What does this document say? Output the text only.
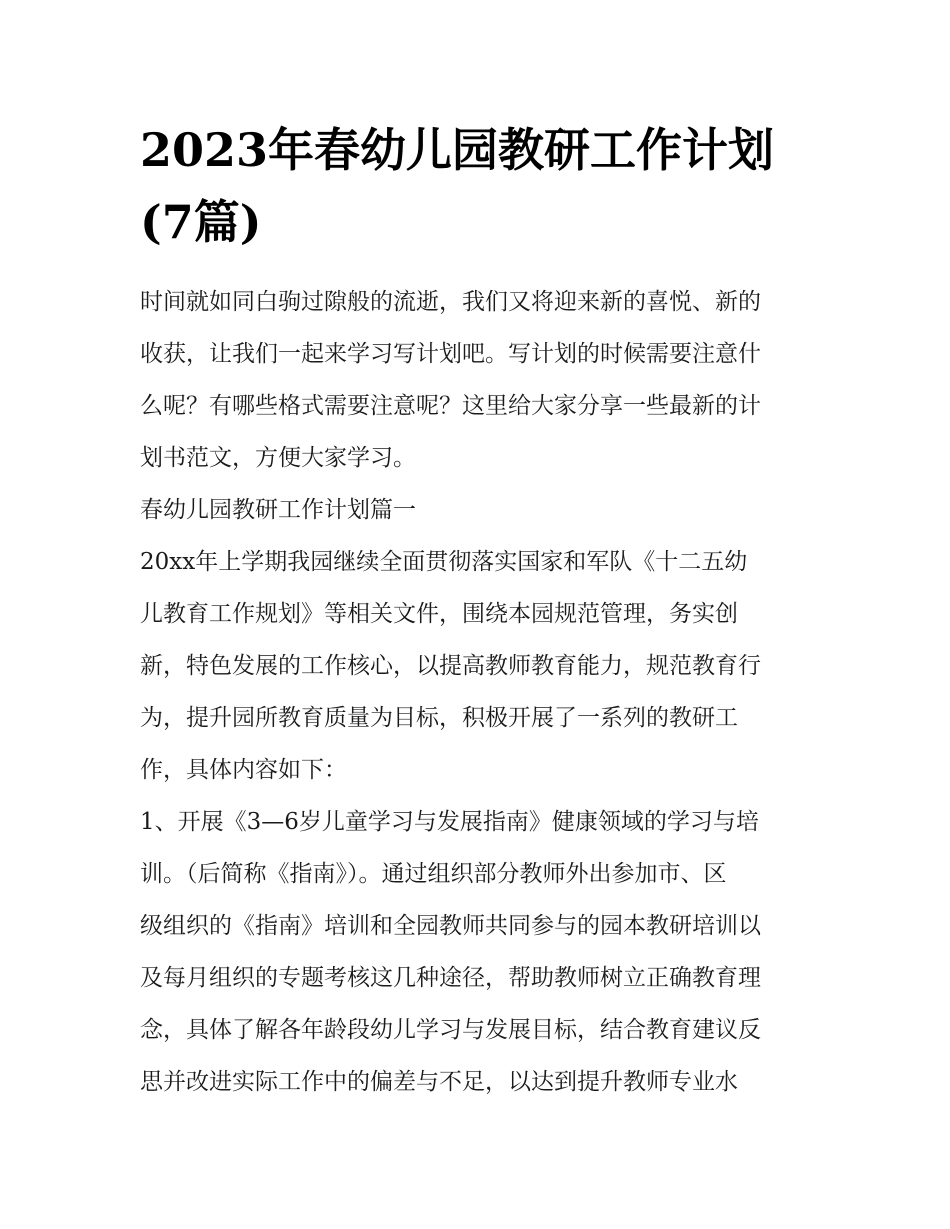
2023年春幼儿园教研工作计划
(7篇)
时间就如同白驹过隙般的流逝，我们又将迎来新的喜悦、新的
收获，让我们一起来学习写计划吧。写计划的时候需要注意什
么呢？有哪些格式需要注意呢？这里给大家分享一些最新的计
划书范文，方便大家学习。
春幼儿园教研工作计划篇一
20xx年上学期我园继续全面贯彻落实国家和军队《十二五幼
儿教育工作规划》等相关文件，围绕本园规范管理，务实创
新，特色发展的工作核心，以提高教师教育能力，规范教育行
为，提升园所教育质量为目标，积极开展了一系列的教研工
作，具体内容如下：
1、开展《3—6岁儿童学习与发展指南》健康领域的学习与培
训。（后简称《指南》）。通过组织部分教师外出参加市、区
级组织的《指南》培训和全园教师共同参与的园本教研培训以
及每月组织的专题考核这几种途径，帮助教师树立正确教育理
念，具体了解各年龄段幼儿学习与发展目标，结合教育建议反
思并改进实际工作中的偏差与不足，以达到提升教师专业水
